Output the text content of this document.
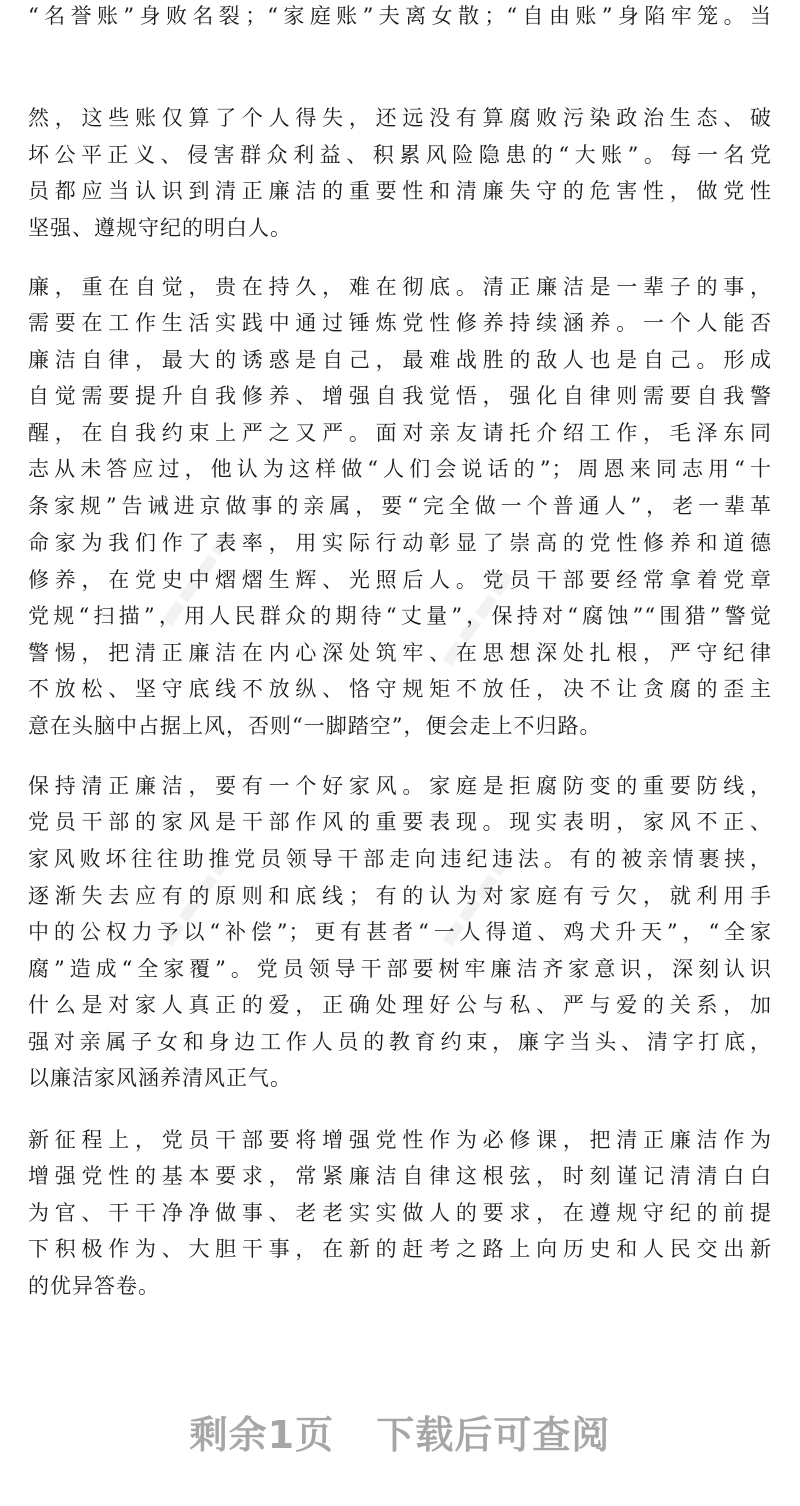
▬▬▬▬	▬▬▬▬
▬▬▬▬	▬▬▬▬
“名誉账”身败名裂；“家庭账”夫离女散；“自由账”身陷牢笼。当
然，这些账仅算了个人得失，还远没有算腐败污染政治生态、破
坏公平正义、侵害群众利益、积累风险隐患的“大账”。每一名党
员都应当认识到清正廉洁的重要性和清廉失守的危害性，做党性
坚强、遵规守纪的明白人。
廉，重在自觉，贵在持久，难在彻底。清正廉洁是一辈子的事，
需要在工作生活实践中通过锤炼党性修养持续涵养。一个人能否
廉洁自律，最大的诱惑是自己，最难战胜的敌人也是自己。形成
自觉需要提升自我修养、增强自我觉悟，强化自律则需要自我警
醒，在自我约束上严之又严。面对亲友请托介绍工作，毛泽东同
志从未答应过，他认为这样做“人们会说话的”；周恩来同志用“十
条家规”告诫进京做事的亲属，要“完全做一个普通人”，老一辈革
命家为我们作了表率，用实际行动彰显了崇高的党性修养和道德
修养，在党史中熠熠生辉、光照后人。党员干部要经常拿着党章
党规“扫描”，用人民群众的期待“丈量”，保持对“腐蚀”“围猎”警觉
警惕，把清正廉洁在内心深处筑牢、在思想深处扎根，严守纪律
不放松、坚守底线不放纵、恪守规矩不放任，决不让贪腐的歪主
意在头脑中占据上风，否则“一脚踏空”，便会走上不归路。
保持清正廉洁，要有一个好家风。家庭是拒腐防变的重要防线，
党员干部的家风是干部作风的重要表现。现实表明，家风不正、
家风败坏往往助推党员领导干部走向违纪违法。有的被亲情裹挟，
逐渐失去应有的原则和底线；有的认为对家庭有亏欠，就利用手
中的公权力予以“补偿”；更有甚者“一人得道、鸡犬升天”，“全家
腐”造成“全家覆”。党员领导干部要树牢廉洁齐家意识，深刻认识
什么是对家人真正的爱，正确处理好公与私、严与爱的关系，加
强对亲属子女和身边工作人员的教育约束，廉字当头、清字打底，
以廉洁家风涵养清风正气。
新征程上，党员干部要将增强党性作为必修课，把清正廉洁作为
增强党性的基本要求，常紧廉洁自律这根弦，时刻谨记清清白白
为官、干干净净做事、老老实实做人的要求，在遵规守纪的前提
下积极作为、大胆干事，在新的赶考之路上向历史和人民交出新
的优异答卷。
剩余1页 下载后可查阅
